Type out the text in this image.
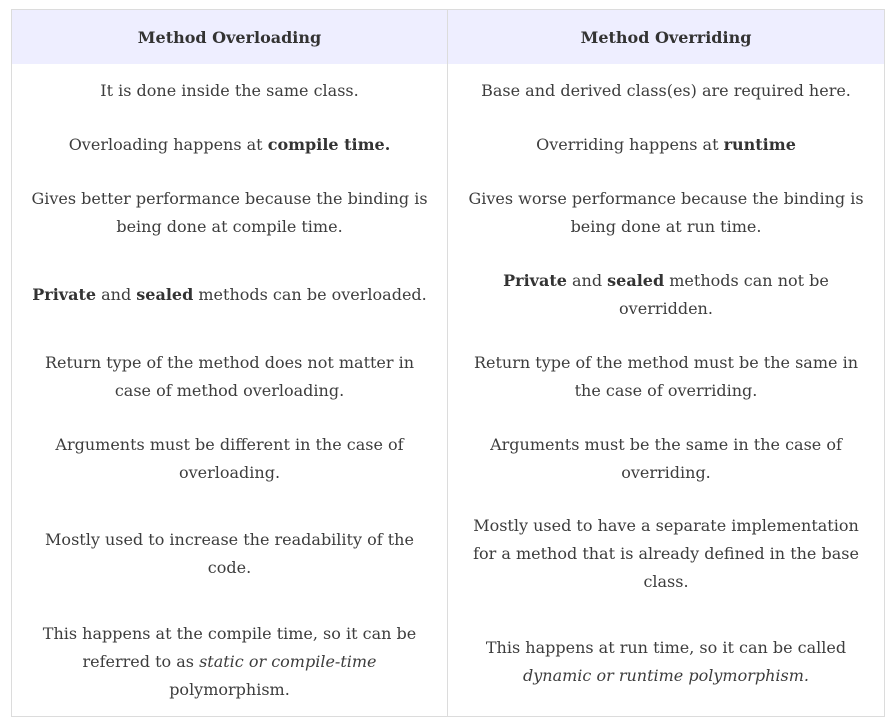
Method Overloading	Method Overriding
It is done inside the same class.	Base and derived class(es) are required here.
Overloading happens at compile time.	Overriding happens at runtime
Gives better performance because the binding is being done at compile time.	Gives worse performance because the binding is being done at run time.
Private and sealed methods can be overloaded.	Private and sealed methods can not be overridden.
Return type of the method does not matter in case of method overloading.	Return type of the method must be the same in the case of overriding.
Arguments must be different in the case of overloading.	Arguments must be the same in the case of overriding.
Mostly used to increase the readability of the code.	Mostly used to have a separate implementation for a method that is already defined in the base class.
This happens at the compile time, so it can be referred to as static or compile-time polymorphism.	This happens at run time, so it can be called dynamic or runtime polymorphism.
